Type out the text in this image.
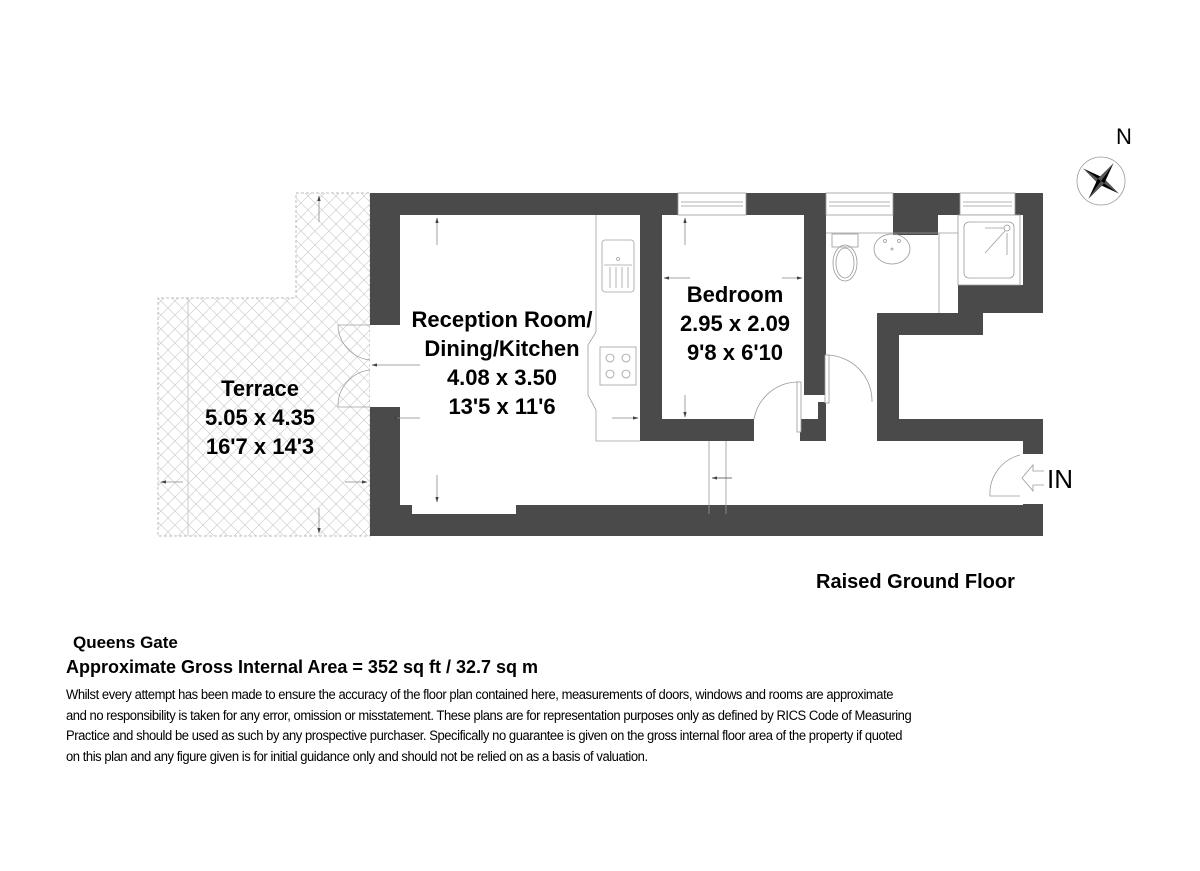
Terrace
5.05 x 4.35
16'7 x 14'3
Reception Room/
Dining/Kitchen
4.08 x 3.50
13'5 x 11'6
Bedroom
2.95 x 2.09
9'8 x 6'10
N
IN
Raised Ground Floor
Queens Gate
Approximate Gross Internal Area = 352 sq ft / 32.7 sq m
Whilst every attempt has been made to ensure the accuracy of the floor plan contained here, measurements of doors, windows and rooms are approximate
and no responsibility is taken for any error, omission or misstatement. These plans are for representation purposes only as defined by RICS Code of Measuring
Practice and should be used as such by any prospective purchaser. Specifically no guarantee is given on the gross internal floor area of the property if quoted
on this plan and any figure given is for initial guidance only and should not be relied on as a basis of valuation.
